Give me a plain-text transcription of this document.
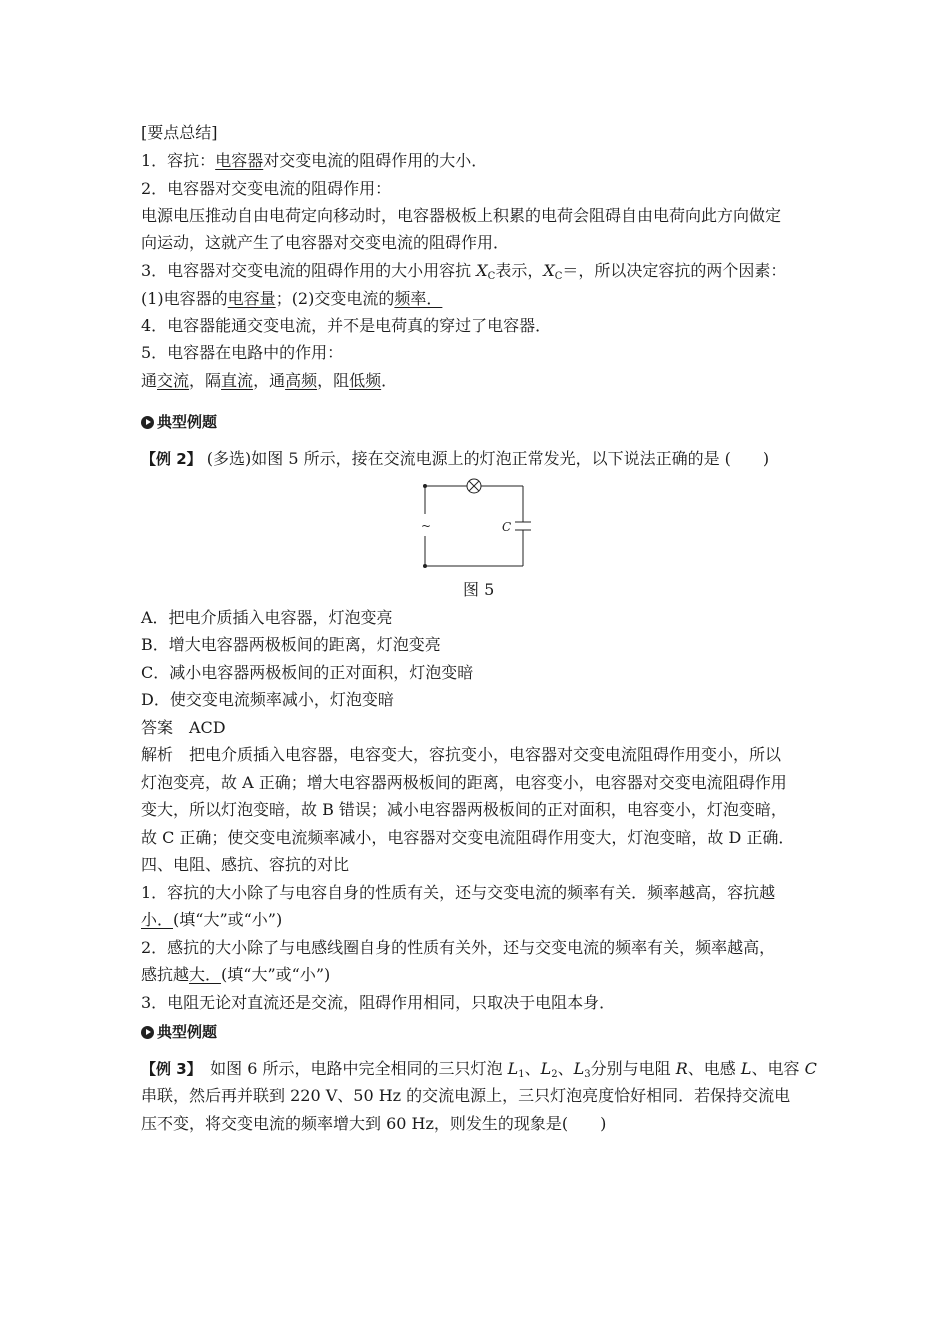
[要点总结]
1．容抗：电容器对交变电流的阻碍作用的大小．
2．电容器对交变电流的阻碍作用：
电源电压推动自由电荷定向移动时，电容器极板上积累的电荷会阻碍自由电荷向此方向做定
向运动，这就产生了电容器对交变电流的阻碍作用．
3．电容器对交变电流的阻碍作用的大小用容抗 $X_C$表示，$X_C=$，所以决定容抗的两个因素：
(1)电容器的电容量；(2)交变电流的频率．
4．电容器能通交变电流，并不是电荷真的穿过了电容器．
5．电容器在电路中的作用：
通交流，隔直流，通高频，阻低频．
典型例题
【例 2】 (多选)如图 5 所示，接在交流电源上的灯泡正常发光，以下说法正确的是 (　　)
~	C
图 5
A．把电介质插入电容器，灯泡变亮
B．增大电容器两极板间的距离，灯泡变亮
C．减小电容器两极板间的正对面积，灯泡变暗
D．使交变电流频率减小，灯泡变暗
答案　ACD
解析　把电介质插入电容器，电容变大，容抗变小，电容器对交变电流阻碍作用变小，所以
灯泡变亮，故 A 正确；增大电容器两极板间的距离，电容变小，电容器对交变电流阻碍作用
变大，所以灯泡变暗，故 B 错误；减小电容器两极板间的正对面积，电容变小，灯泡变暗，
故 C 正确；使交变电流频率减小，电容器对交变电流阻碍作用变大，灯泡变暗，故 D 正确．
四、电阻、感抗、容抗的对比
1．容抗的大小除了与电容自身的性质有关，还与交变电流的频率有关．频率越高，容抗越
小．(填“大”或“小”)
2．感抗的大小除了与电感线圈自身的性质有关外，还与交变电流的频率有关，频率越高，
感抗越大．(填“大”或“小”)
3．电阻无论对直流还是交流，阻碍作用相同，只取决于电阻本身．
典型例题
【例 3】　如图 6 所示，电路中完全相同的三只灯泡 $L_1$、$L_2$、$L_3$分别与电阻 R、电感 L、电容 C
串联，然后再并联到 220 V、50 Hz 的交流电源上，三只灯泡亮度恰好相同．若保持交流电
压不变，将交变电流的频率增大到 60 Hz，则发生的现象是(　　)
